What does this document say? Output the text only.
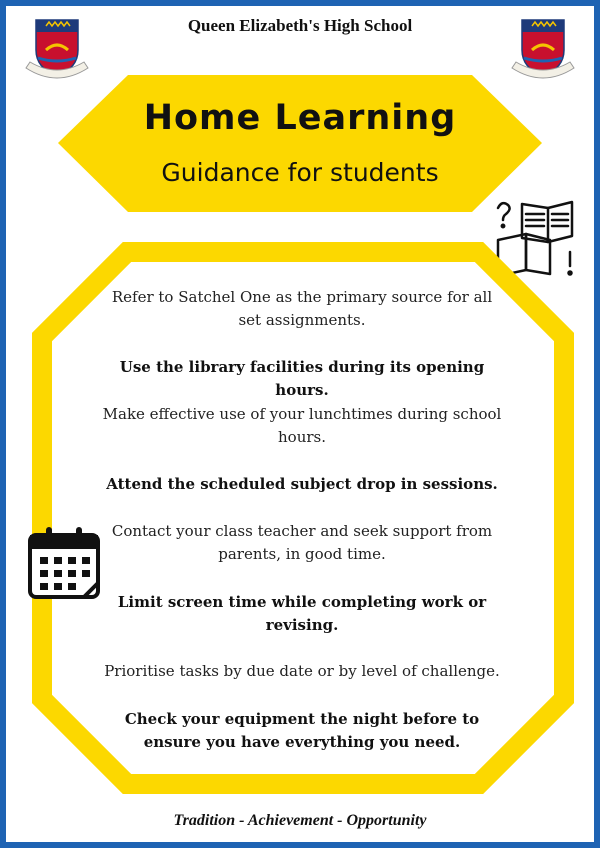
Queen Elizabeth's High School
Home Learning
Guidance for students
Refer to Satchel One as the primary source for all set assignments.
Use the library facilities during its opening hours.
Make effective use of your lunchtimes during school hours.
Attend the scheduled subject drop in sessions.
Contact your class teacher and seek support from parents, in good time.
Limit screen time while completing work or revising.
Prioritise tasks by due date or by level of challenge.
Check your equipment the night before to ensure you have everything you need.
Tradition - Achievement - Opportunity
